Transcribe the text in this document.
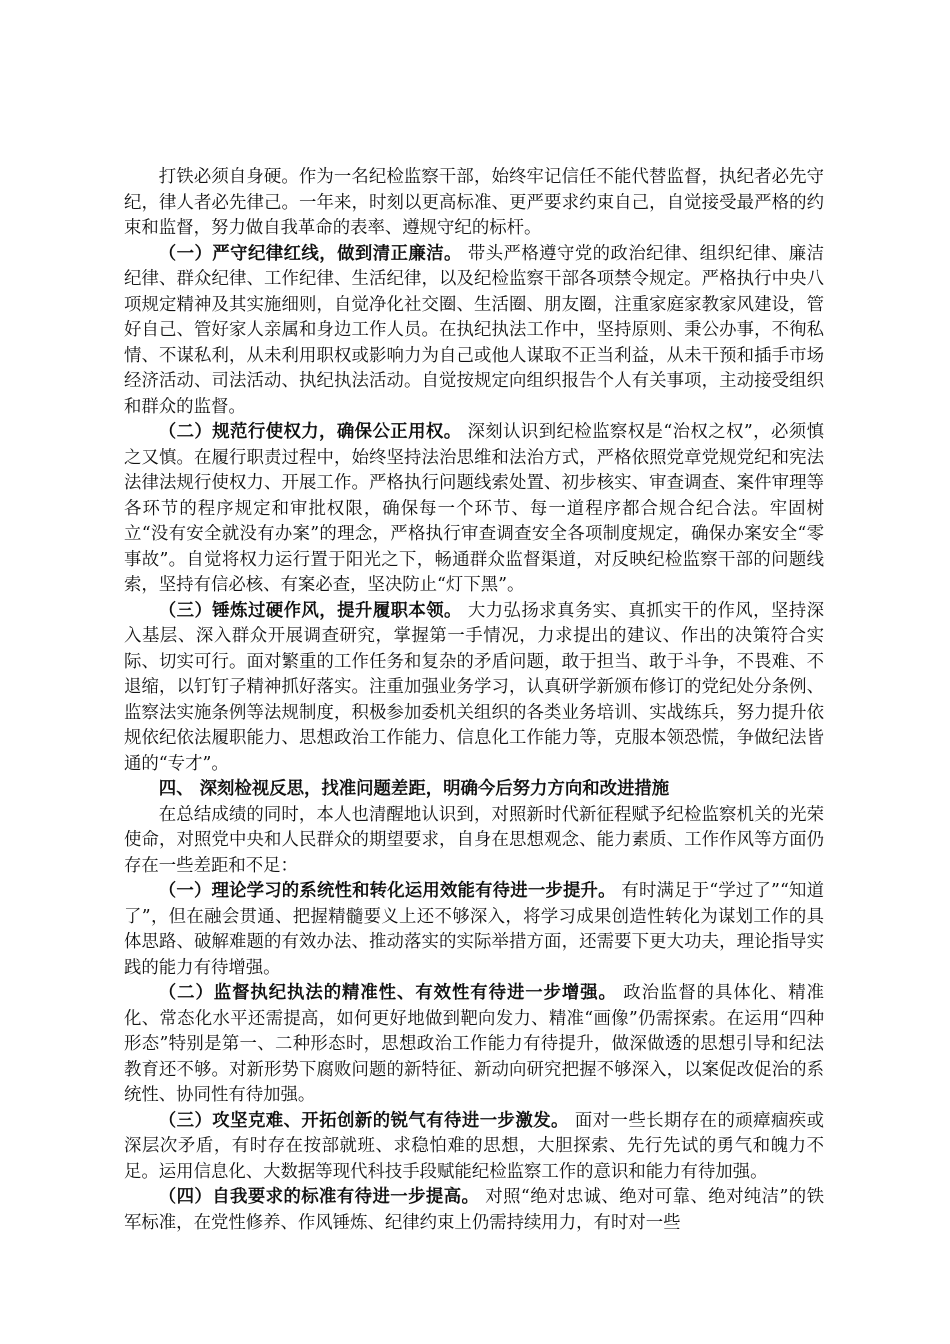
打铁必须自身硬。作为一名纪检监察干部，始终牢记信任不能代替监督，执纪者必先守纪，律人者必先律己。一年来，时刻以更高标准、更严要求约束自己，自觉接受最严格的约束和监督，努力做自我革命的表率、遵规守纪的标杆。

（一）严守纪律红线，做到清正廉洁。 带头严格遵守党的政治纪律、组织纪律、廉洁纪律、群众纪律、工作纪律、生活纪律，以及纪检监察干部各项禁令规定。严格执行中央八项规定精神及其实施细则，自觉净化社交圈、生活圈、朋友圈，注重家庭家教家风建设，管好自己、管好家人亲属和身边工作人员。在执纪执法工作中，坚持原则、秉公办事，不徇私情、不谋私利，从未利用职权或影响力为自己或他人谋取不正当利益，从未干预和插手市场经济活动、司法活动、执纪执法活动。自觉按规定向组织报告个人有关事项，主动接受组织和群众的监督。

（二）规范行使权力，确保公正用权。 深刻认识到纪检监察权是“治权之权”，必须慎之又慎。在履行职责过程中，始终坚持法治思维和法治方式，严格依照党章党规党纪和宪法法律法规行使权力、开展工作。严格执行问题线索处置、初步核实、审查调查、案件审理等各环节的程序规定和审批权限，确保每一个环节、每一道程序都合规合纪合法。牢固树立“没有安全就没有办案”的理念，严格执行审查调查安全各项制度规定，确保办案安全“零事故”。自觉将权力运行置于阳光之下，畅通群众监督渠道，对反映纪检监察干部的问题线索，坚持有信必核、有案必查，坚决防止“灯下黑”。

（三）锤炼过硬作风，提升履职本领。 大力弘扬求真务实、真抓实干的作风，坚持深入基层、深入群众开展调查研究，掌握第一手情况，力求提出的建议、作出的决策符合实际、切实可行。面对繁重的工作任务和复杂的矛盾问题，敢于担当、敢于斗争，不畏难、不退缩，以钉钉子精神抓好落实。注重加强业务学习，认真研学新颁布修订的党纪处分条例、监察法实施条例等法规制度，积极参加委机关组织的各类业务培训、实战练兵，努力提升依规依纪依法履职能力、思想政治工作能力、信息化工作能力等，克服本领恐慌，争做纪法皆通的“专才”。

四、 深刻检视反思，找准问题差距，明确今后努力方向和改进措施

在总结成绩的同时，本人也清醒地认识到，对照新时代新征程赋予纪检监察机关的光荣使命，对照党中央和人民群众的期望要求，自身在思想观念、能力素质、工作作风等方面仍存在一些差距和不足：

（一）理论学习的系统性和转化运用效能有待进一步提升。 有时满足于“学过了”“知道了”，但在融会贯通、把握精髓要义上还不够深入，将学习成果创造性转化为谋划工作的具体思路、破解难题的有效办法、推动落实的实际举措方面，还需要下更大功夫，理论指导实践的能力有待增强。

（二）监督执纪执法的精准性、有效性有待进一步增强。 政治监督的具体化、精准化、常态化水平还需提高，如何更好地做到靶向发力、精准“画像”仍需探索。在运用“四种形态”特别是第一、二种形态时，思想政治工作能力有待提升，做深做透的思想引导和纪法教育还不够。对新形势下腐败问题的新特征、新动向研究把握不够深入，以案促改促治的系统性、协同性有待加强。

（三）攻坚克难、开拓创新的锐气有待进一步激发。 面对一些长期存在的顽瘴痼疾或深层次矛盾，有时存在按部就班、求稳怕难的思想，大胆探索、先行先试的勇气和魄力不足。运用信息化、大数据等现代科技手段赋能纪检监察工作的意识和能力有待加强。

（四）自我要求的标准有待进一步提高。 对照“绝对忠诚、绝对可靠、绝对纯洁”的铁军标准，在党性修养、作风锤炼、纪律约束上仍需持续用力，有时对一些
